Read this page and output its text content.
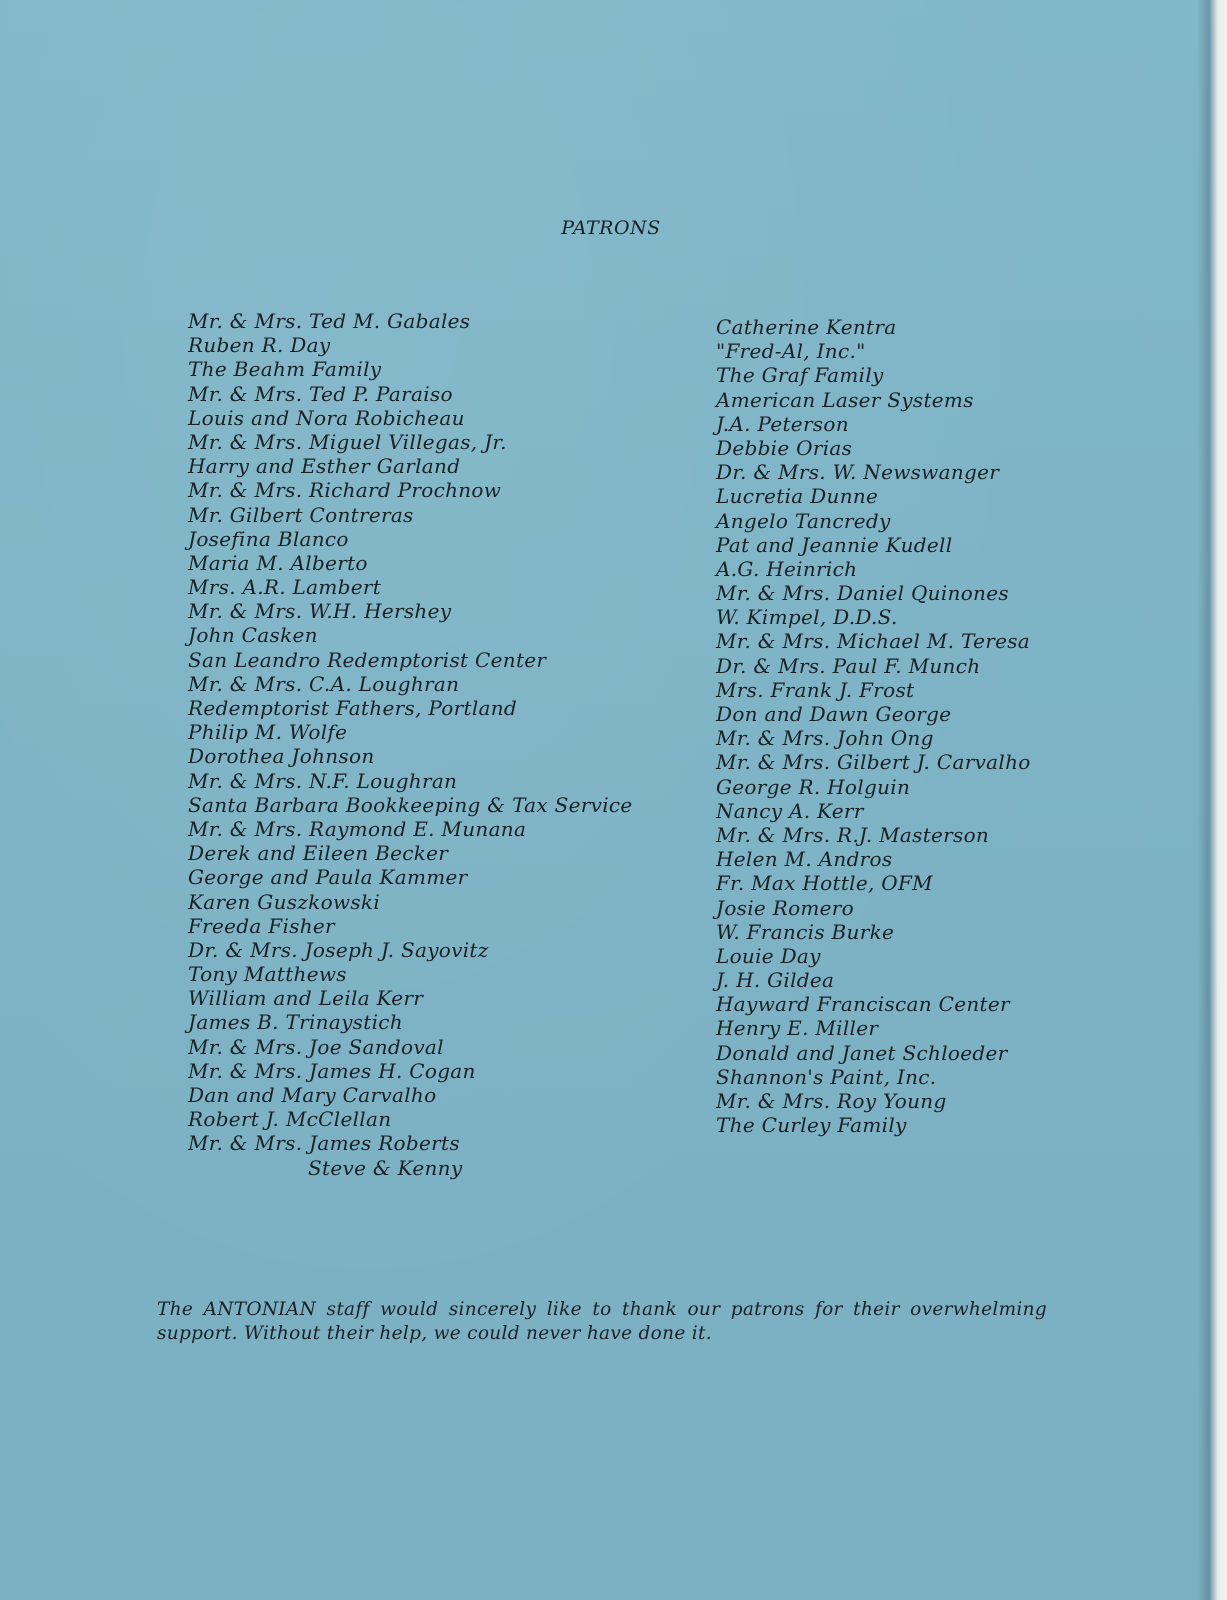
PATRONS
Mr. & Mrs. Ted M. Gabales
Ruben R. Day
The Beahm Family
Mr. & Mrs. Ted P. Paraiso
Louis and Nora Robicheau
Mr. & Mrs. Miguel Villegas, Jr.
Harry and Esther Garland
Mr. & Mrs. Richard Prochnow
Mr. Gilbert Contreras
Josefina Blanco
Maria M. Alberto
Mrs. A.R. Lambert
Mr. & Mrs. W.H. Hershey
John Casken
San Leandro Redemptorist Center
Mr. & Mrs. C.A. Loughran
Redemptorist Fathers, Portland
Philip M. Wolfe
Dorothea Johnson
Mr. & Mrs. N.F. Loughran
Santa Barbara Bookkeeping & Tax Service
Mr. & Mrs. Raymond E. Munana
Derek and Eileen Becker
George and Paula Kammer
Karen Guszkowski
Freeda Fisher
Dr. & Mrs. Joseph J. Sayovitz
Tony Matthews
William and Leila Kerr
James B. Trinaystich
Mr. & Mrs. Joe Sandoval
Mr. & Mrs. James H. Cogan
Dan and Mary Carvalho
Robert J. McClellan
Mr. & Mrs. James Roberts
Steve & Kenny
Catherine Kentra
"Fred-Al, Inc."
The Graf Family
American Laser Systems
J.A. Peterson
Debbie Orias
Dr. & Mrs. W. Newswanger
Lucretia Dunne
Angelo Tancredy
Pat and Jeannie Kudell
A.G. Heinrich
Mr. & Mrs. Daniel Quinones
W. Kimpel, D.D.S.
Mr. & Mrs. Michael M. Teresa
Dr. & Mrs. Paul F. Munch
Mrs. Frank J. Frost
Don and Dawn George
Mr. & Mrs. John Ong
Mr. & Mrs. Gilbert J. Carvalho
George R. Holguin
Nancy A. Kerr
Mr. & Mrs. R.J. Masterson
Helen M. Andros
Fr. Max Hottle, OFM
Josie Romero
W. Francis Burke
Louie Day
J. H. Gildea
Hayward Franciscan Center
Henry E. Miller
Donald and Janet Schloeder
Shannon's Paint, Inc.
Mr. & Mrs. Roy Young
The Curley Family

The ANTONIAN staff would sincerely like to thank our patrons for their overwhelming support. Without their help, we could never have done it.
